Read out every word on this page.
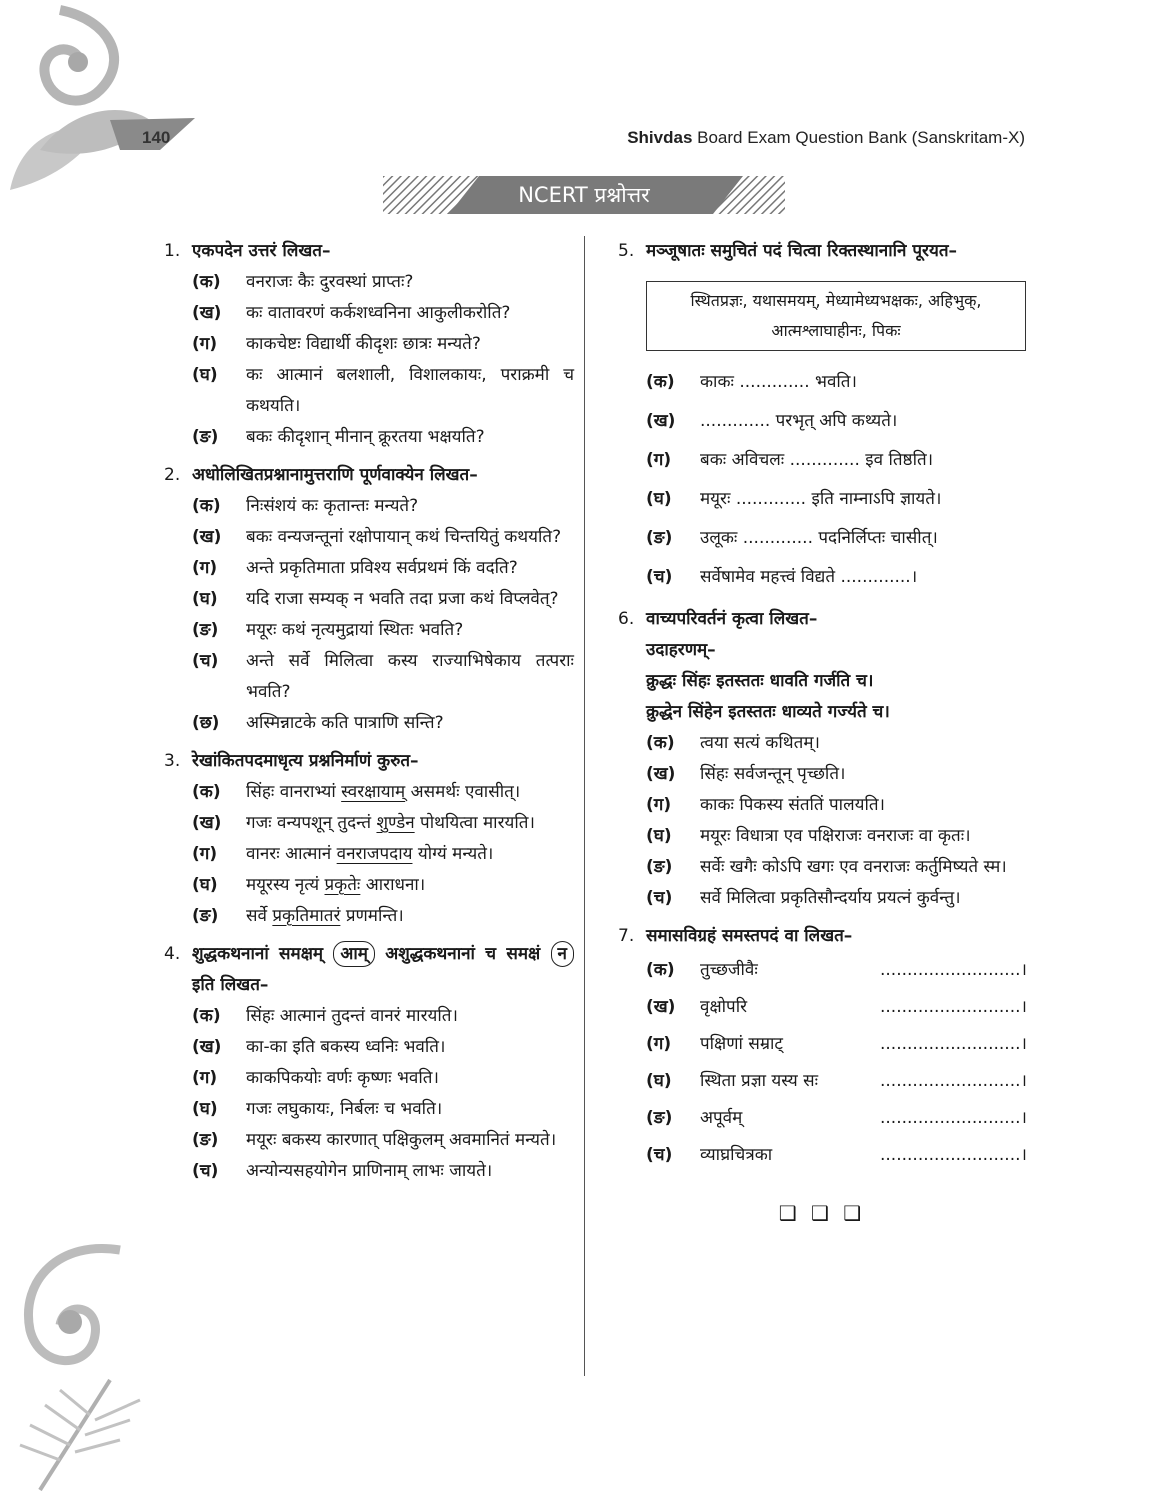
140	Shivdas Board Exam Question Bank (Sanskritam-X)
NCERT प्रश्नोत्तर
1. एकपदेन उत्तरं लिखत–
(क)	वनराजः कैः दुरवस्थां प्राप्तः?
(ख)	कः वातावरणं कर्कशध्वनिना आकुलीकरोति?
(ग)	काकचेष्टः विद्यार्थी कीदृशः छात्रः मन्यते?
(घ)	कः आत्मानं बलशाली, विशालकायः, पराक्रमी च कथयति।
(ङ)	बकः कीदृशान् मीनान् क्रूरतया भक्षयति?
2. अधोलिखितप्रश्नानामुत्तराणि पूर्णवाक्येन लिखत–
(क)	निःसंशयं कः कृतान्तः मन्यते?
(ख)	बकः वन्यजन्तूनां रक्षोपायान् कथं चिन्तयितुं कथयति?
(ग)	अन्ते प्रकृतिमाता प्रविश्य सर्वप्रथमं किं वदति?
(घ)	यदि राजा सम्यक् न भवति तदा प्रजा कथं विप्लवेत्?
(ङ)	मयूरः कथं नृत्यमुद्रायां स्थितः भवति?
(च)	अन्ते सर्वे मिलित्वा कस्य राज्याभिषेकाय तत्पराः भवति?
(छ)	अस्मिन्नाटके कति पात्राणि सन्ति?
3. रेखांकितपदमाधृत्य प्रश्ननिर्माणं कुरुत–
(क)	सिंहः वानराभ्यां स्वरक्षायाम् असमर्थः एवासीत्।
(ख)	गजः वन्यपशून् तुदन्तं शुण्डेन पोथयित्वा मारयति।
(ग)	वानरः आत्मानं वनराजपदाय योग्यं मन्यते।
(घ)	मयूरस्य नृत्यं प्रकृतेः आराधना।
(ङ)	सर्वे प्रकृतिमातरं प्रणमन्ति।
4. शुद्धकथनानां समक्षम् आम् अशुद्धकथनानां च समक्षं न इति लिखत–
(क)	सिंहः आत्मानं तुदन्तं वानरं मारयति।
(ख)	का-का इति बकस्य ध्वनिः भवति।
(ग)	काकपिकयोः वर्णः कृष्णः भवति।
(घ)	गजः लघुकायः, निर्बलः च भवति।
(ङ)	मयूरः बकस्य कारणात् पक्षिकुलम् अवमानितं मन्यते।
(च)	अन्योन्यसहयोगेन प्राणिनाम् लाभः जायते।
5. मञ्जूषातः समुचितं पदं चित्वा रिक्तस्थानानि पूरयत–
स्थितप्रज्ञः, यथासमयम्, मेध्यामेध्यभक्षकः, अहिभुक्, आत्मश्लाघाहीनः, पिकः
(क)	काकः ............. भवति।
(ख)	............. परभृत् अपि कथ्यते।
(ग)	बकः अविचलः ............. इव तिष्ठति।
(घ)	मयूरः ............. इति नाम्नाऽपि ज्ञायते।
(ङ)	उलूकः ............. पदनिर्लिप्तः चासीत्।
(च)	सर्वेषामेव महत्त्वं विद्यते .............।
6. वाच्यपरिवर्तनं कृत्वा लिखत–
उदाहरणम्–
क्रुद्धः सिंहः इतस्ततः धावति गर्जति च।
क्रुद्धेन सिंहेन इतस्ततः धाव्यते गर्ज्यते च।
(क)	त्वया सत्यं कथितम्।
(ख)	सिंहः सर्वजन्तून् पृच्छति।
(ग)	काकः पिकस्य संततिं पालयति।
(घ)	मयूरः विधात्रा एव पक्षिराजः वनराजः वा कृतः।
(ङ)	सर्वेः खगैः कोऽपि खगः एव वनराजः कर्तुमिष्यते स्म।
(च)	सर्वे मिलित्वा प्रकृतिसौन्दर्याय प्रयत्नं कुर्वन्तु।
7. समासविग्रहं समस्तपदं वा लिखत–
(क)	तुच्छजीवैः	..........................।
(ख)	वृक्षोपरि	..........................।
(ग)	पक्षिणां सम्राट्	..........................।
(घ)	स्थिता प्रज्ञा यस्य सः	..........................।
(ङ)	अपूर्वम्	..........................।
(च)	व्याघ्रचित्रका	..........................।
❑ ❑ ❑
